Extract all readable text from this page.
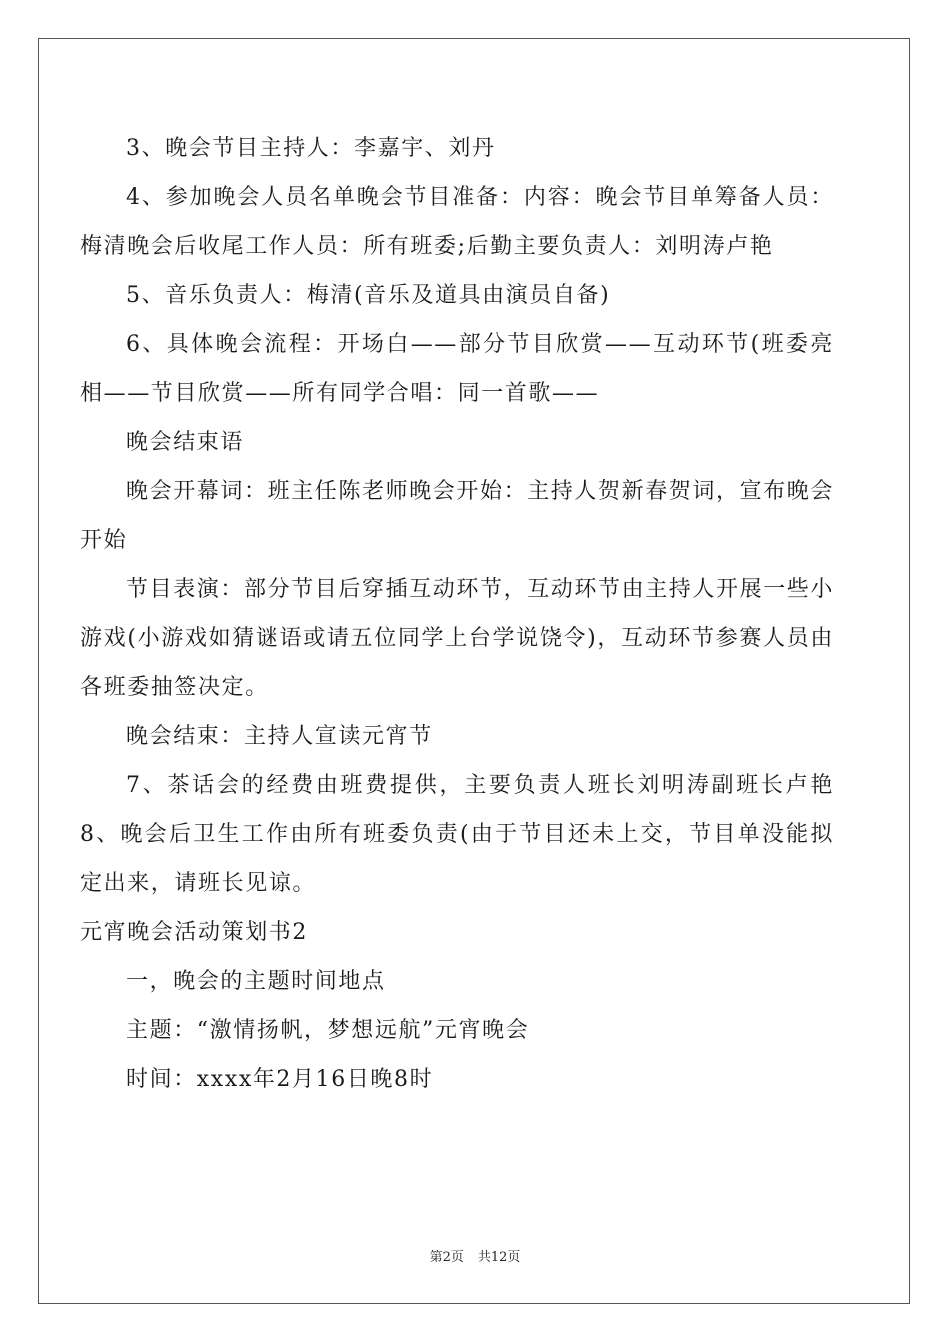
3、晚会节目主持人：李嘉宇、刘丹

4、参加晚会人员名单晚会节目准备：内容：晚会节目单筹备人员：梅清晚会后收尾工作人员：所有班委;后勤主要负责人：刘明涛卢艳

5、音乐负责人：梅清(音乐及道具由演员自备)

6、具体晚会流程：开场白——部分节目欣赏——互动环节(班委亮相——节目欣赏——所有同学合唱：同一首歌——

晚会结束语

晚会开幕词：班主任陈老师晚会开始：主持人贺新春贺词，宣布晚会开始

节目表演：部分节目后穿插互动环节，互动环节由主持人开展一些小游戏(小游戏如猜谜语或请五位同学上台学说饶令)，互动环节参赛人员由各班委抽签决定。

晚会结束：主持人宣读元宵节

7、茶话会的经费由班费提供，主要负责人班长刘明涛副班长卢艳8、晚会后卫生工作由所有班委负责(由于节目还未上交，节目单没能拟定出来，请班长见谅。

元宵晚会活动策划书2

一，晚会的主题时间地点

主题：“激情扬帆，梦想远航”元宵晚会

时间：xxxx年2月16日晚8时

第2页 共12页
